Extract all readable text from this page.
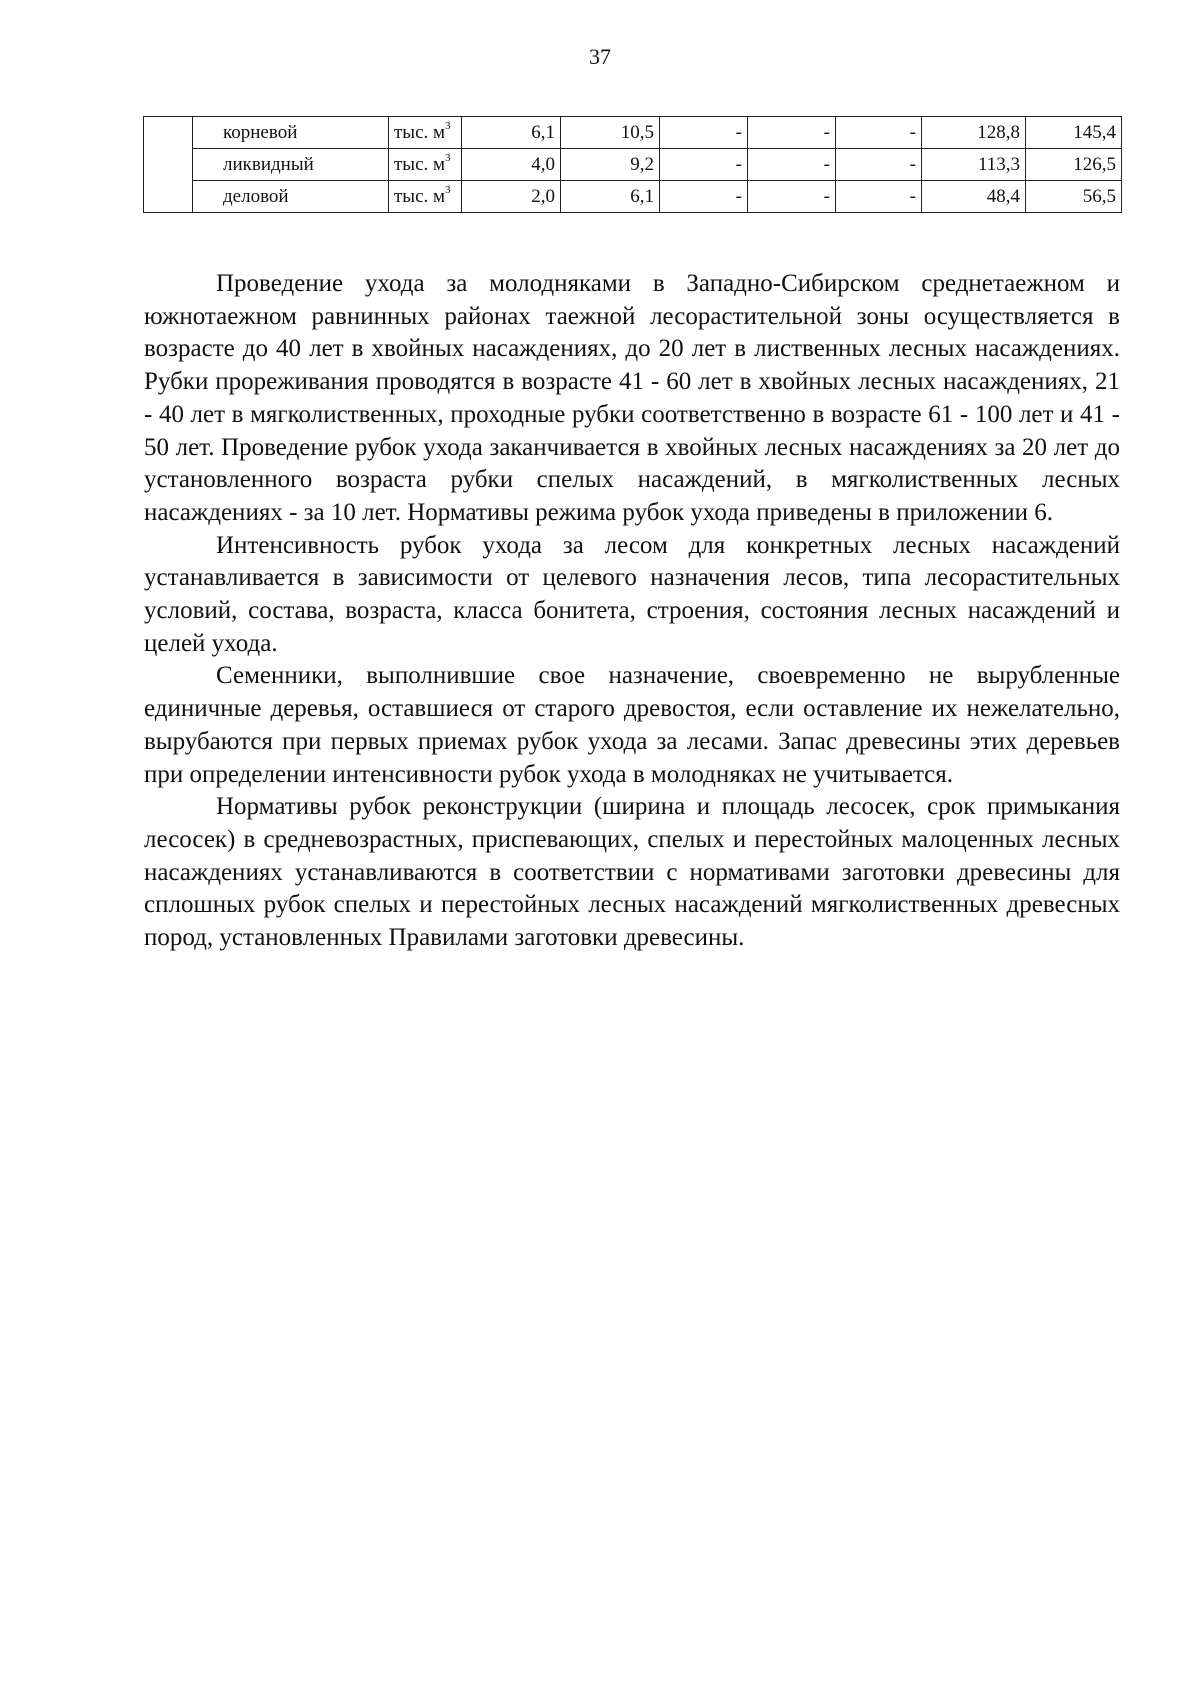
37
	корневой	тыс. $м^3$	6,1	10,5	-	-	-	128,8	145,4
	ликвидный	тыс. $м^3$	4,0	9,2	-	-	-	113,3	126,5
	деловой	тыс. $м^3$	2,0	6,1	-	-	-	48,4	56,5

Проведение ухода за молодняками в Западно-Сибирском среднетаежном и южнотаежном равнинных районах таежной лесорастительной зоны осуществляется в возрасте до 40 лет в хвойных насаждениях, до 20 лет в лиственных лесных насаждениях. Рубки прореживания проводятся в возрасте 41 - 60 лет в хвойных лесных насаждениях, 21 - 40 лет в мягколиственных, проходные рубки соответственно в возрасте 61 - 100 лет и 41 - 50 лет. Проведение рубок ухода заканчивается в хвойных лесных насаждениях за 20 лет до установленного возраста рубки спелых насаждений, в мягколиственных лесных насаждениях - за 10 лет. Нормативы режима рубок ухода приведены в приложении 6.

Интенсивность рубок ухода за лесом для конкретных лесных насаждений устанавливается в зависимости от целевого назначения лесов, типа лесорастительных условий, состава, возраста, класса бонитета, строения, состояния лесных насаждений и целей ухода.

Семенники, выполнившие свое назначение, своевременно не вырубленные единичные деревья, оставшиеся от старого древостоя, если оставление их нежелательно, вырубаются при первых приемах рубок ухода за лесами. Запас древесины этих деревьев при определении интенсивности рубок ухода в молодняках не учитывается.

Нормативы рубок реконструкции (ширина и площадь лесосек, срок примыкания лесосек) в средневозрастных, приспевающих, спелых и перестойных малоценных лесных насаждениях устанавливаются в соответствии с нормативами заготовки древесины для сплошных рубок спелых и перестойных лесных насаждений мягколиственных древесных пород, установленных Правилами заготовки древесины.
